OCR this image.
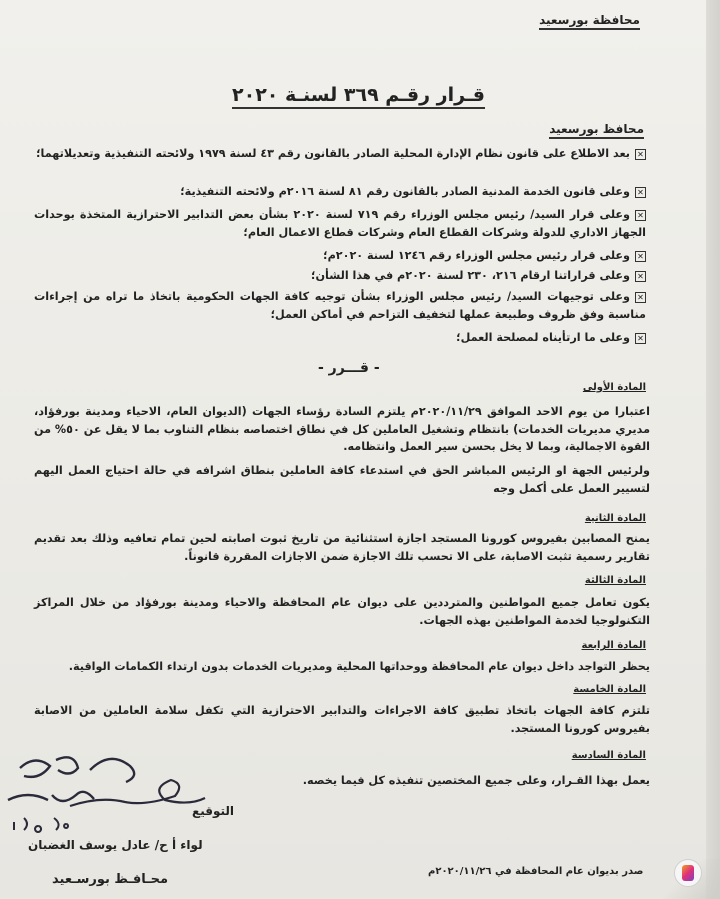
محافظة بورسعيد
قـرار رقـم ٣٦٩ لسنـة ٢٠٢٠
محافظ بورسعيد
✕بعد الاطلاع على قانون نظام الإدارة المحلية الصادر بالقانون رقم ٤٣ لسنة ١٩٧٩ ولائحته التنفيذية وتعديلاتهما؛
✕وعلى قانون الخدمة المدنية الصادر بالقانون رقم ٨١ لسنة ٢٠١٦م ولائحته التنفيذية؛
✕وعلى قرار السيد/ رئيس مجلس الوزراء رقم ٧١٩ لسنة ٢٠٢٠ بشأن بعض التدابير الاحترازية المتخذة بوحدات الجهاز الاداري للدولة وشركات القطاع العام وشركات قطاع الاعمال العام؛
✕وعلى قرار رئيس مجلس الوزراء رقم ١٢٤٦ لسنة ٢٠٢٠م؛
✕وعلى قراراتنا ارقام ٢١٦، ٢٣٠ لسنة ٢٠٢٠م في هذا الشأن؛
✕وعلى توجيهات السيد/ رئيس مجلس الوزراء بشأن توجيه كافة الجهات الحكومية باتخاذ ما تراه من إجراءات مناسبة وفق ظروف وطبيعة عملها لتخفيف التزاحم في أماكن العمل؛
✕وعلى ما ارتأيناه لمصلحة العمل؛
- قـــرر -
المادة الأولى
اعتبارا من يوم الاحد الموافق ٢٠٢٠/١١/٢٩م يلتزم السادة رؤساء الجهات (الديوان العام، الاحياء ومدينة بورفؤاد، مديري مديريات الخدمات) بانتظام وتشغيل العاملين كل في نطاق اختصاصه بنظام التناوب بما لا يقل عن ٥٠% من القوة الاجمالية، وبما لا يخل بحسن سير العمل وانتظامه.
ولرئيس الجهة او الرئيس المباشر الحق في استدعاء كافة العاملين بنطاق اشرافه في حالة احتياج العمل اليهم لتسيير العمل على أكمل وجه
المادة الثانية
يمنح المصابين بفيروس كورونا المستجد اجازة استثنائية من تاريخ ثبوت اصابته لحين تمام تعافيه وذلك بعد تقديم تقارير رسمية تثبت الاصابة، على الا تحسب تلك الاجازة ضمن الاجازات المقررة قانوناً.
المادة الثالثة
يكون تعامل جميع المواطنين والمترددين على ديوان عام المحافظة والاحياء ومدينة بورفؤاد من خلال المراكز التكنولوجيا لخدمة المواطنين بهذه الجهات.
المادة الرابعة
يحظر التواجد داخل ديوان عام المحافظة ووحداتها المحلية ومديريات الخدمات بدون ارتداء الكمامات الواقية.
المادة الخامسة
تلتزم كافة الجهات باتخاذ تطبيق كافة الاجراءات والتدابير الاحترازية التي تكفل سلامة العاملين من الاصابة بفيروس كورونا المستجد.
المادة السادسة
يعمل بهذا القـرار، وعلى جميع المختصين تنفيذه كل فيما يخصه.
التوقيع
لواء أ ح/ عادل يوسف الغضبان
محـافـظ بورسـعيد
صدر بديوان عام المحافظة في ٢٠٢٠/١١/٢٦م
